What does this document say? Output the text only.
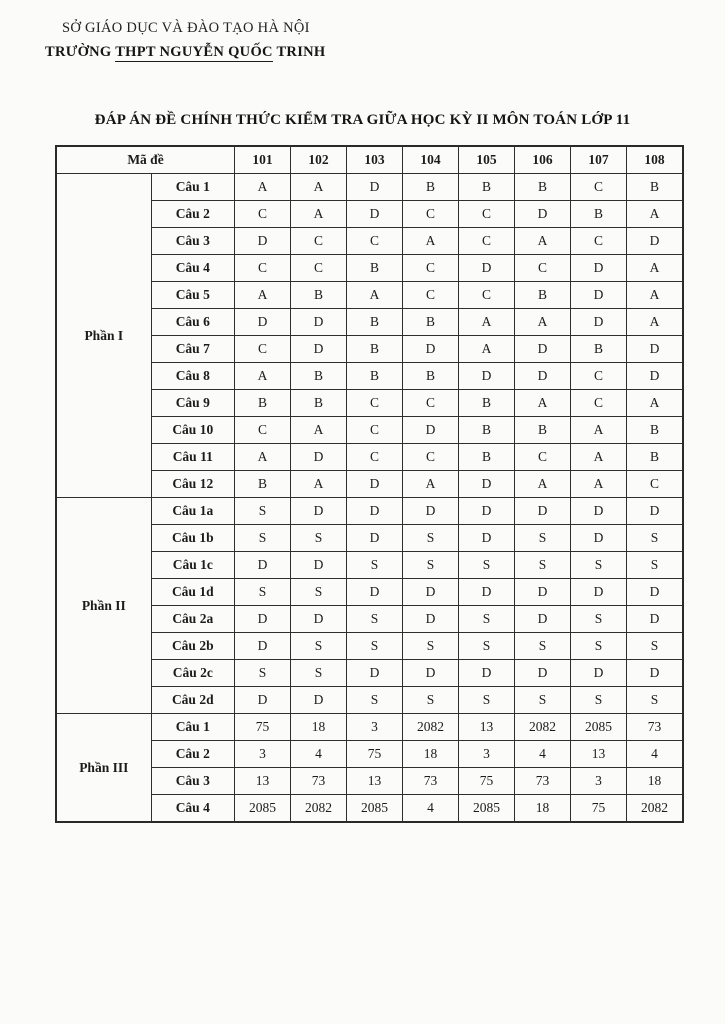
SỞ GIÁO DỤC VÀ ĐÀO TẠO HÀ NỘI
TRƯỜNG THPT NGUYỄN QUỐC TRINH
ĐÁP ÁN ĐỀ CHÍNH THỨC KIỂM TRA GIỮA HỌC KỲ II MÔN TOÁN LỚP 11
Mã đề		101	102	103	104	105	106	107	108
Phần I	Câu 1	A	A	D	B	B	B	C	B
	Câu 2	C	A	D	C	C	D	B	A
	Câu 3	D	C	C	A	C	A	C	D
	Câu 4	C	C	B	C	D	C	D	A
	Câu 5	A	B	A	C	C	B	D	A
	Câu 6	D	D	B	B	A	A	D	A
	Câu 7	C	D	B	D	A	D	B	D
	Câu 8	A	B	B	B	D	D	C	D
	Câu 9	B	B	C	C	B	A	C	A
	Câu 10	C	A	C	D	B	B	A	B
	Câu 11	A	D	C	C	B	C	A	B
	Câu 12	B	A	D	A	D	A	A	C
Phần II	Câu 1a	S	D	D	D	D	D	D	D
	Câu 1b	S	S	D	S	D	S	D	S
	Câu 1c	D	D	S	S	S	S	S	S
	Câu 1d	S	S	D	D	D	D	D	D
	Câu 2a	D	D	S	D	S	D	S	D
	Câu 2b	D	S	S	S	S	S	S	S
	Câu 2c	S	S	D	D	D	D	D	D
	Câu 2d	D	D	S	S	S	S	S	S
Phần III	Câu 1	75	18	3	2082	13	2082	2085	73
	Câu 2	3	4	75	18	3	4	13	4
	Câu 3	13	73	13	73	75	73	3	18
	Câu 4	2085	2082	2085	4	2085	18	75	2082
